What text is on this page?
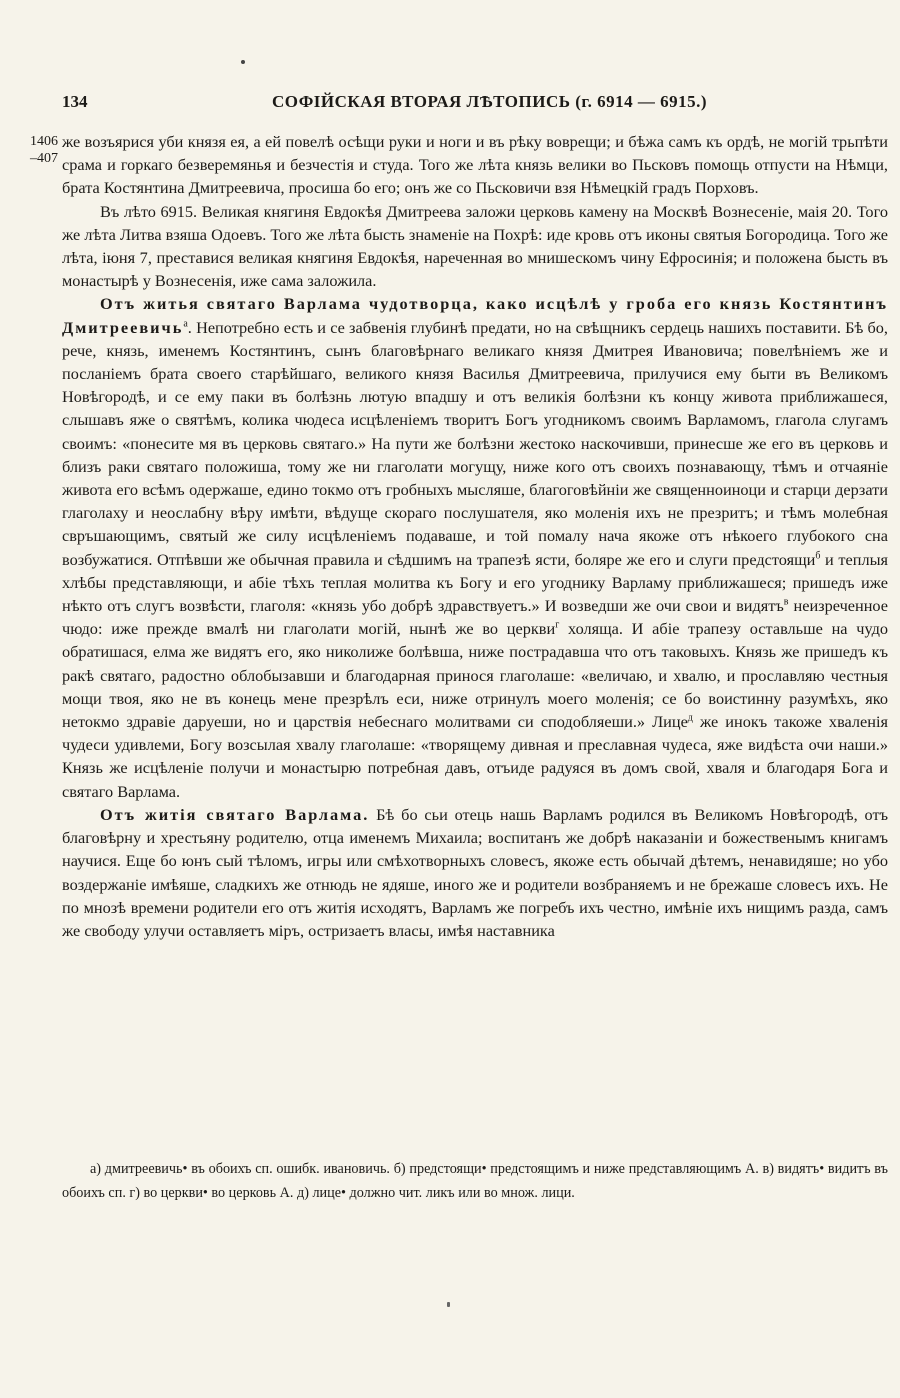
134	СОФІЙСКАЯ ВТОРАЯ ЛѢТОПИСЬ (г. 6914 — 6915.)
1406 –407

же возъярися уби князя ея, а ей повелѣ осѣщи руки и ноги и въ рѣку воврещи; и бѣжа самъ къ ордѣ, не могій трьпѣти срама и горкаго безверемянья и безчестія и студа. Того же лѣта князь велики во Пьсковъ помощь отпусти на Нѣмци, брата Костянтина Дмитреевича, просиша бо его; онъ же со Пьсковичи взя Нѣмецкій градъ Порховъ.

Въ лѣто 6915. Великая княгиня Евдокѣя Дмитреева заложи церковь камену на Москвѣ Вознесеніе, маія 20. Того же лѣта Литва взяша Одоевъ. Того же лѣта бысть знаменіе на Похрѣ: иде кровь отъ иконы святыя Богородица. Того же лѣта, іюня 7, преставися великая княгиня Евдокѣя, нареченная во мнишескомъ чину Ефросинія; и положена бысть въ монастырѣ у Вознесенія, иже сама заложила.

Отъ житья святаго Варлама чудотворца, како исцѣлѣ у гроба его князь Костянтинъ Дмитреевичь$^а$. Непотребно есть и се забвенія глубинѣ предати, но на свѣщникъ сердець нашихъ поставити. Бѣ бо, рече, князь, именемъ Костянтинъ, сынъ благовѣрнаго великаго князя Дмитрея Ивановича; повелѣніемъ же и посланіемъ брата своего старѣйшаго, великого князя Василья Дмитреевича, прилучися ему быти въ Великомъ Новѣгородѣ, и се ему паки въ болѣзнь лютую впадшу и отъ великія болѣзни къ концу живота приближашеся, слышавъ яже о святѣмъ, колика чюдеса исцѣленіемъ творитъ Богъ угодникомъ своимъ Варламомъ, глагола слугамъ своимъ: «понесите мя въ церковь святаго.» На пути же болѣзни жестоко наскочивши, принесше же его въ церковь и близъ раки святаго положиша, тому же ни глаголати могущу, ниже кого отъ своихъ познавающу, тѣмъ и отчаяніе живота его всѣмъ одержаше, едино токмо отъ гробныхъ мысляше, благоговѣйніи же священноиноци и старци дерзати глаголаху и неослабну вѣру имѣти, вѣдуще скораго послушателя, яко моленія ихъ не презритъ; и тѣмъ молебная свръшающимъ, святый же силу исцѣленіемъ подаваше, и той помалу нача якоже отъ нѣкоего глубокого сна возбужатися. Отпѣвши же обычная правила и сѣдшимъ на трапезѣ ясти, боляре же его и слуги предстоящи$^б$ и теплыя хлѣбы представляющи, и абіе тѣхъ теплая молитва къ Богу и его угоднику Варламу приближашеся; пришедъ иже нѣкто отъ слугъ возвѣсти, глаголя: «князь убо добрѣ здравствуетъ.» И возведши же очи свои и видятъ$^в$ неизреченное чюдо: иже прежде вмалѣ ни глаголати могій, нынѣ же во церкви$^г$ холяща. И абіе трапезу оставльше на чудо обратишася, елма же видятъ его, яко николиже болѣвша, ниже пострадавша что отъ таковыхъ. Князь же пришедъ къ ракѣ святаго, радостно облобызавши и благодарная принося глаголаше: «величаю, и хвалю, и прославляю честныя мощи твоя, яко не въ конець мене презрѣлъ еси, ниже отринулъ моего моленія; се бо воистинну разумѣхъ, яко нетокмо здравіе даруеши, но и царствія небеснаго молитвами си сподобляеши.» Лице$^д$ же инокъ такоже хваленія чудеси удивлеми, Богу возсылая хвалу глаголаше: «творящему дивная и преславная чудеса, яже видѣста очи наши.» Князь же исцѣленіе получи и монастырю потребная давъ, отъиде радуяся въ домъ свой, хваля и благодаря Бога и святаго Варлама.

Отъ житія святаго Варлама. Бѣ бо сьи отець нашь Варламъ родился въ Великомъ Новѣгородѣ, отъ благовѣрну и хрестьяну родителю, отца именемъ Михаила; воспитанъ же добрѣ наказаніи и божественымъ книгамъ научися. Еще бо юнъ сый тѣломъ, игры или смѣхотворныхъ словесъ, якоже есть обычай дѣтемъ, ненавидяше; но убо воздержаніе имѣяше, сладкихъ же отнюдь не ядяше, иного же и родители возбраняемъ и не брежаше словесъ ихъ. Не по мнозѣ времени родители его отъ житія исходятъ, Варламъ же погребъ ихъ честно, имѣніе ихъ нищимъ разда, самъ же свободу улучи оставляетъ міръ, остризаетъ власы, имѣя наставника

а) дмитреевичь• въ обоихъ сп. ошибк. ивановичь. б) предстоящи• предстоящимъ и ниже представляющимъ А. в) видятъ• видитъ въ обоихъ сп. г) во церкви• во церковь А. д) лице• должно чит. ликъ или во множ. лици.
